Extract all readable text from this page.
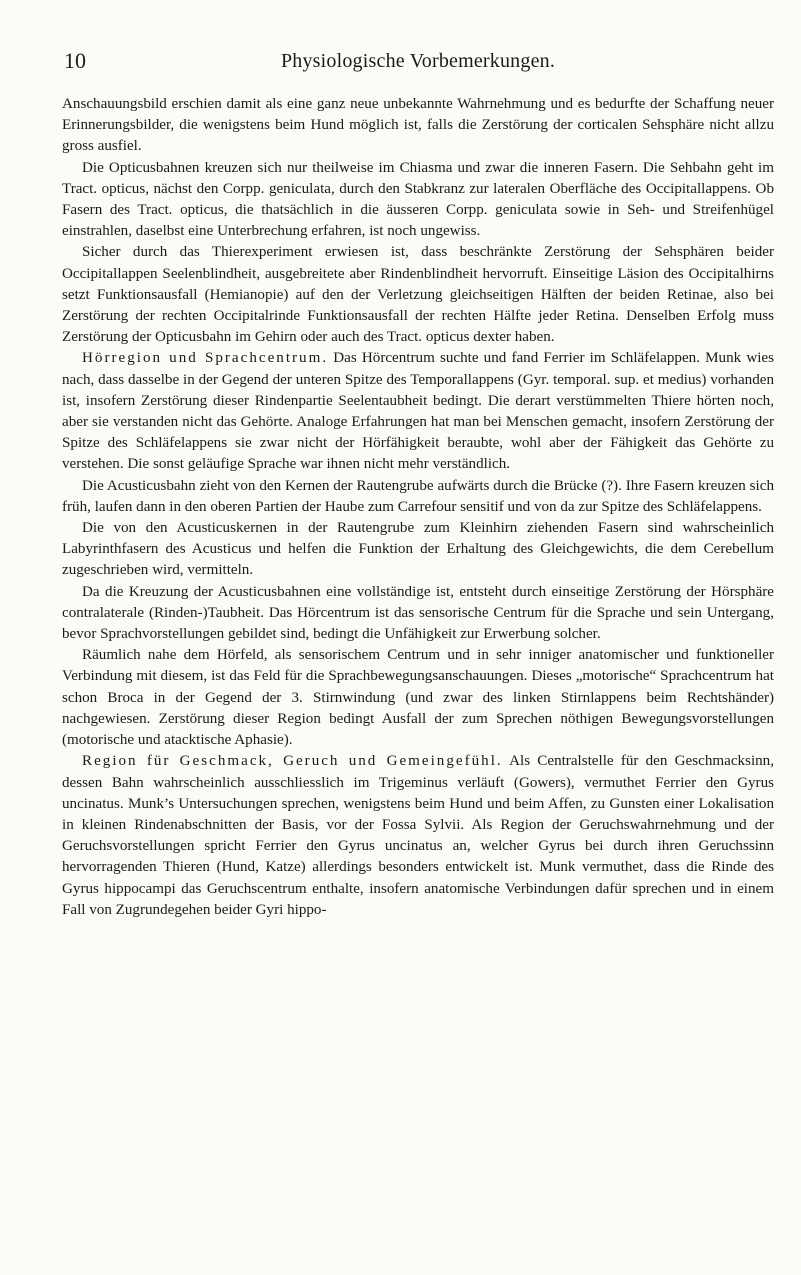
10	Physiologische Vorbemerkungen.

Anschauungsbild erschien damit als eine ganz neue unbekannte Wahrnehmung und es bedurfte der Schaffung neuer Erinnerungsbilder, die wenigstens beim Hund möglich ist, falls die Zerstörung der corticalen Sehsphäre nicht allzu gross ausfiel.

Die Opticusbahnen kreuzen sich nur theilweise im Chiasma und zwar die inneren Fasern. Die Sehbahn geht im Tract. opticus, nächst den Corpp. geniculata, durch den Stabkranz zur lateralen Oberfläche des Occipitallappens. Ob Fasern des Tract. opticus, die thatsächlich in die äusseren Corpp. geniculata sowie in Seh- und Streifenhügel einstrahlen, daselbst eine Unterbrechung erfahren, ist noch ungewiss.

Sicher durch das Thierexperiment erwiesen ist, dass beschränkte Zerstörung der Sehsphären beider Occipitallappen Seelenblindheit, ausgebreitete aber Rindenblindheit hervorruft. Einseitige Läsion des Occipitalhirns setzt Funktionsausfall (Hemianopie) auf den der Verletzung gleichseitigen Hälften der beiden Retinae, also bei Zerstörung der rechten Occipitalrinde Funktionsausfall der rechten Hälfte jeder Retina. Denselben Erfolg muss Zerstörung der Opticusbahn im Gehirn oder auch des Tract. opticus dexter haben.

Hörregion und Sprachcentrum. Das Hörcentrum suchte und fand Ferrier im Schläfelappen. Munk wies nach, dass dasselbe in der Gegend der unteren Spitze des Temporallappens (Gyr. temporal. sup. et medius) vorhanden ist, insofern Zerstörung dieser Rindenpartie Seelentaubheit bedingt. Die derart verstümmelten Thiere hörten noch, aber sie verstanden nicht das Gehörte. Analoge Erfahrungen hat man bei Menschen gemacht, insofern Zerstörung der Spitze des Schläfelappens sie zwar nicht der Hörfähigkeit beraubte, wohl aber der Fähigkeit das Gehörte zu verstehen. Die sonst geläufige Sprache war ihnen nicht mehr verständlich.

Die Acusticusbahn zieht von den Kernen der Rautengrube aufwärts durch die Brücke (?). Ihre Fasern kreuzen sich früh, laufen dann in den oberen Partien der Haube zum Carrefour sensitif und von da zur Spitze des Schläfelappens.

Die von den Acusticuskernen in der Rautengrube zum Kleinhirn ziehenden Fasern sind wahrscheinlich Labyrinthfasern des Acusticus und helfen die Funktion der Erhaltung des Gleichgewichts, die dem Cerebellum zugeschrieben wird, vermitteln.

Da die Kreuzung der Acusticusbahnen eine vollständige ist, entsteht durch einseitige Zerstörung der Hörsphäre contralaterale (Rinden-)Taubheit. Das Hörcentrum ist das sensorische Centrum für die Sprache und sein Untergang, bevor Sprachvorstellungen gebildet sind, bedingt die Unfähigkeit zur Erwerbung solcher.

Räumlich nahe dem Hörfeld, als sensorischem Centrum und in sehr inniger anatomischer und funktioneller Verbindung mit diesem, ist das Feld für die Sprachbewegungsanschauungen. Dieses „motorische“ Sprachcentrum hat schon Broca in der Gegend der 3. Stirnwindung (und zwar des linken Stirnlappens beim Rechtshänder) nachgewiesen. Zerstörung dieser Region bedingt Ausfall der zum Sprechen nöthigen Bewegungsvorstellungen (motorische und atacktische Aphasie).

Region für Geschmack, Geruch und Gemeingefühl. Als Centralstelle für den Geschmacksinn, dessen Bahn wahrscheinlich ausschliesslich im Trigeminus verläuft (Gowers), vermuthet Ferrier den Gyrus uncinatus. Munk’s Untersuchungen sprechen, wenigstens beim Hund und beim Affen, zu Gunsten einer Lokalisation in kleinen Rindenabschnitten der Basis, vor der Fossa Sylvii. Als Region der Geruchswahrnehmung und der Geruchsvorstellungen spricht Ferrier den Gyrus uncinatus an, welcher Gyrus bei durch ihren Geruchssinn hervorragenden Thieren (Hund, Katze) allerdings besonders entwickelt ist. Munk vermuthet, dass die Rinde des Gyrus hippocampi das Geruchscentrum enthalte, insofern anatomische Verbindungen dafür sprechen und in einem Fall von Zugrundegehen beider Gyri hippo-
